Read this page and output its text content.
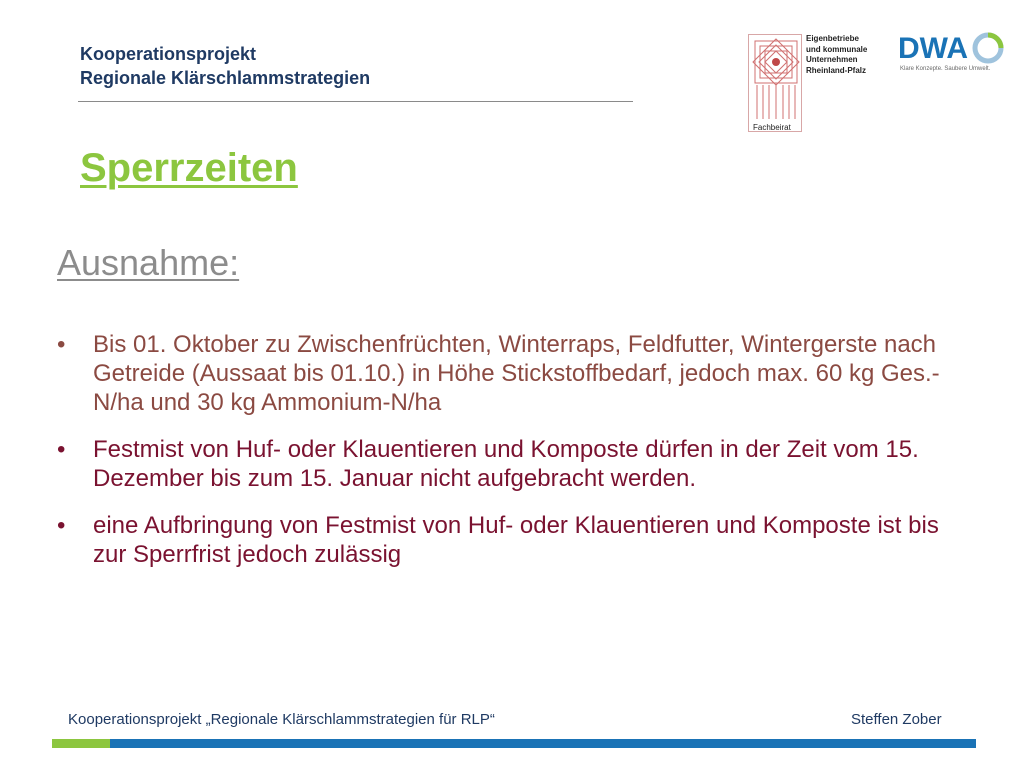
Kooperationsprojekt
Regionale Klärschlammstrategien
Fachbeirat
Eigenbetriebe
und kommunale
Unternehmen
Rheinland-Pfalz
DWA
Klare Konzepte. Saubere Umwelt.
Sperrzeiten
Ausnahme:
• Bis 01. Oktober zu Zwischenfrüchten, Winterraps, Feldfutter, Wintergerste nach Getreide (Aussaat bis 01.10.) in Höhe Stickstoffbedarf, jedoch max. 60 kg Ges.-N/ha und 30 kg Ammonium-N/ha
• Festmist von Huf- oder Klauentieren und Komposte dürfen in der Zeit vom 15. Dezember bis zum 15. Januar nicht aufgebracht werden.
• eine Aufbringung von Festmist von Huf- oder Klauentieren und Komposte ist bis zur Sperrfrist jedoch zulässig
Kooperationsprojekt „Regionale Klärschlammstrategien für RLP“	Steffen Zober
